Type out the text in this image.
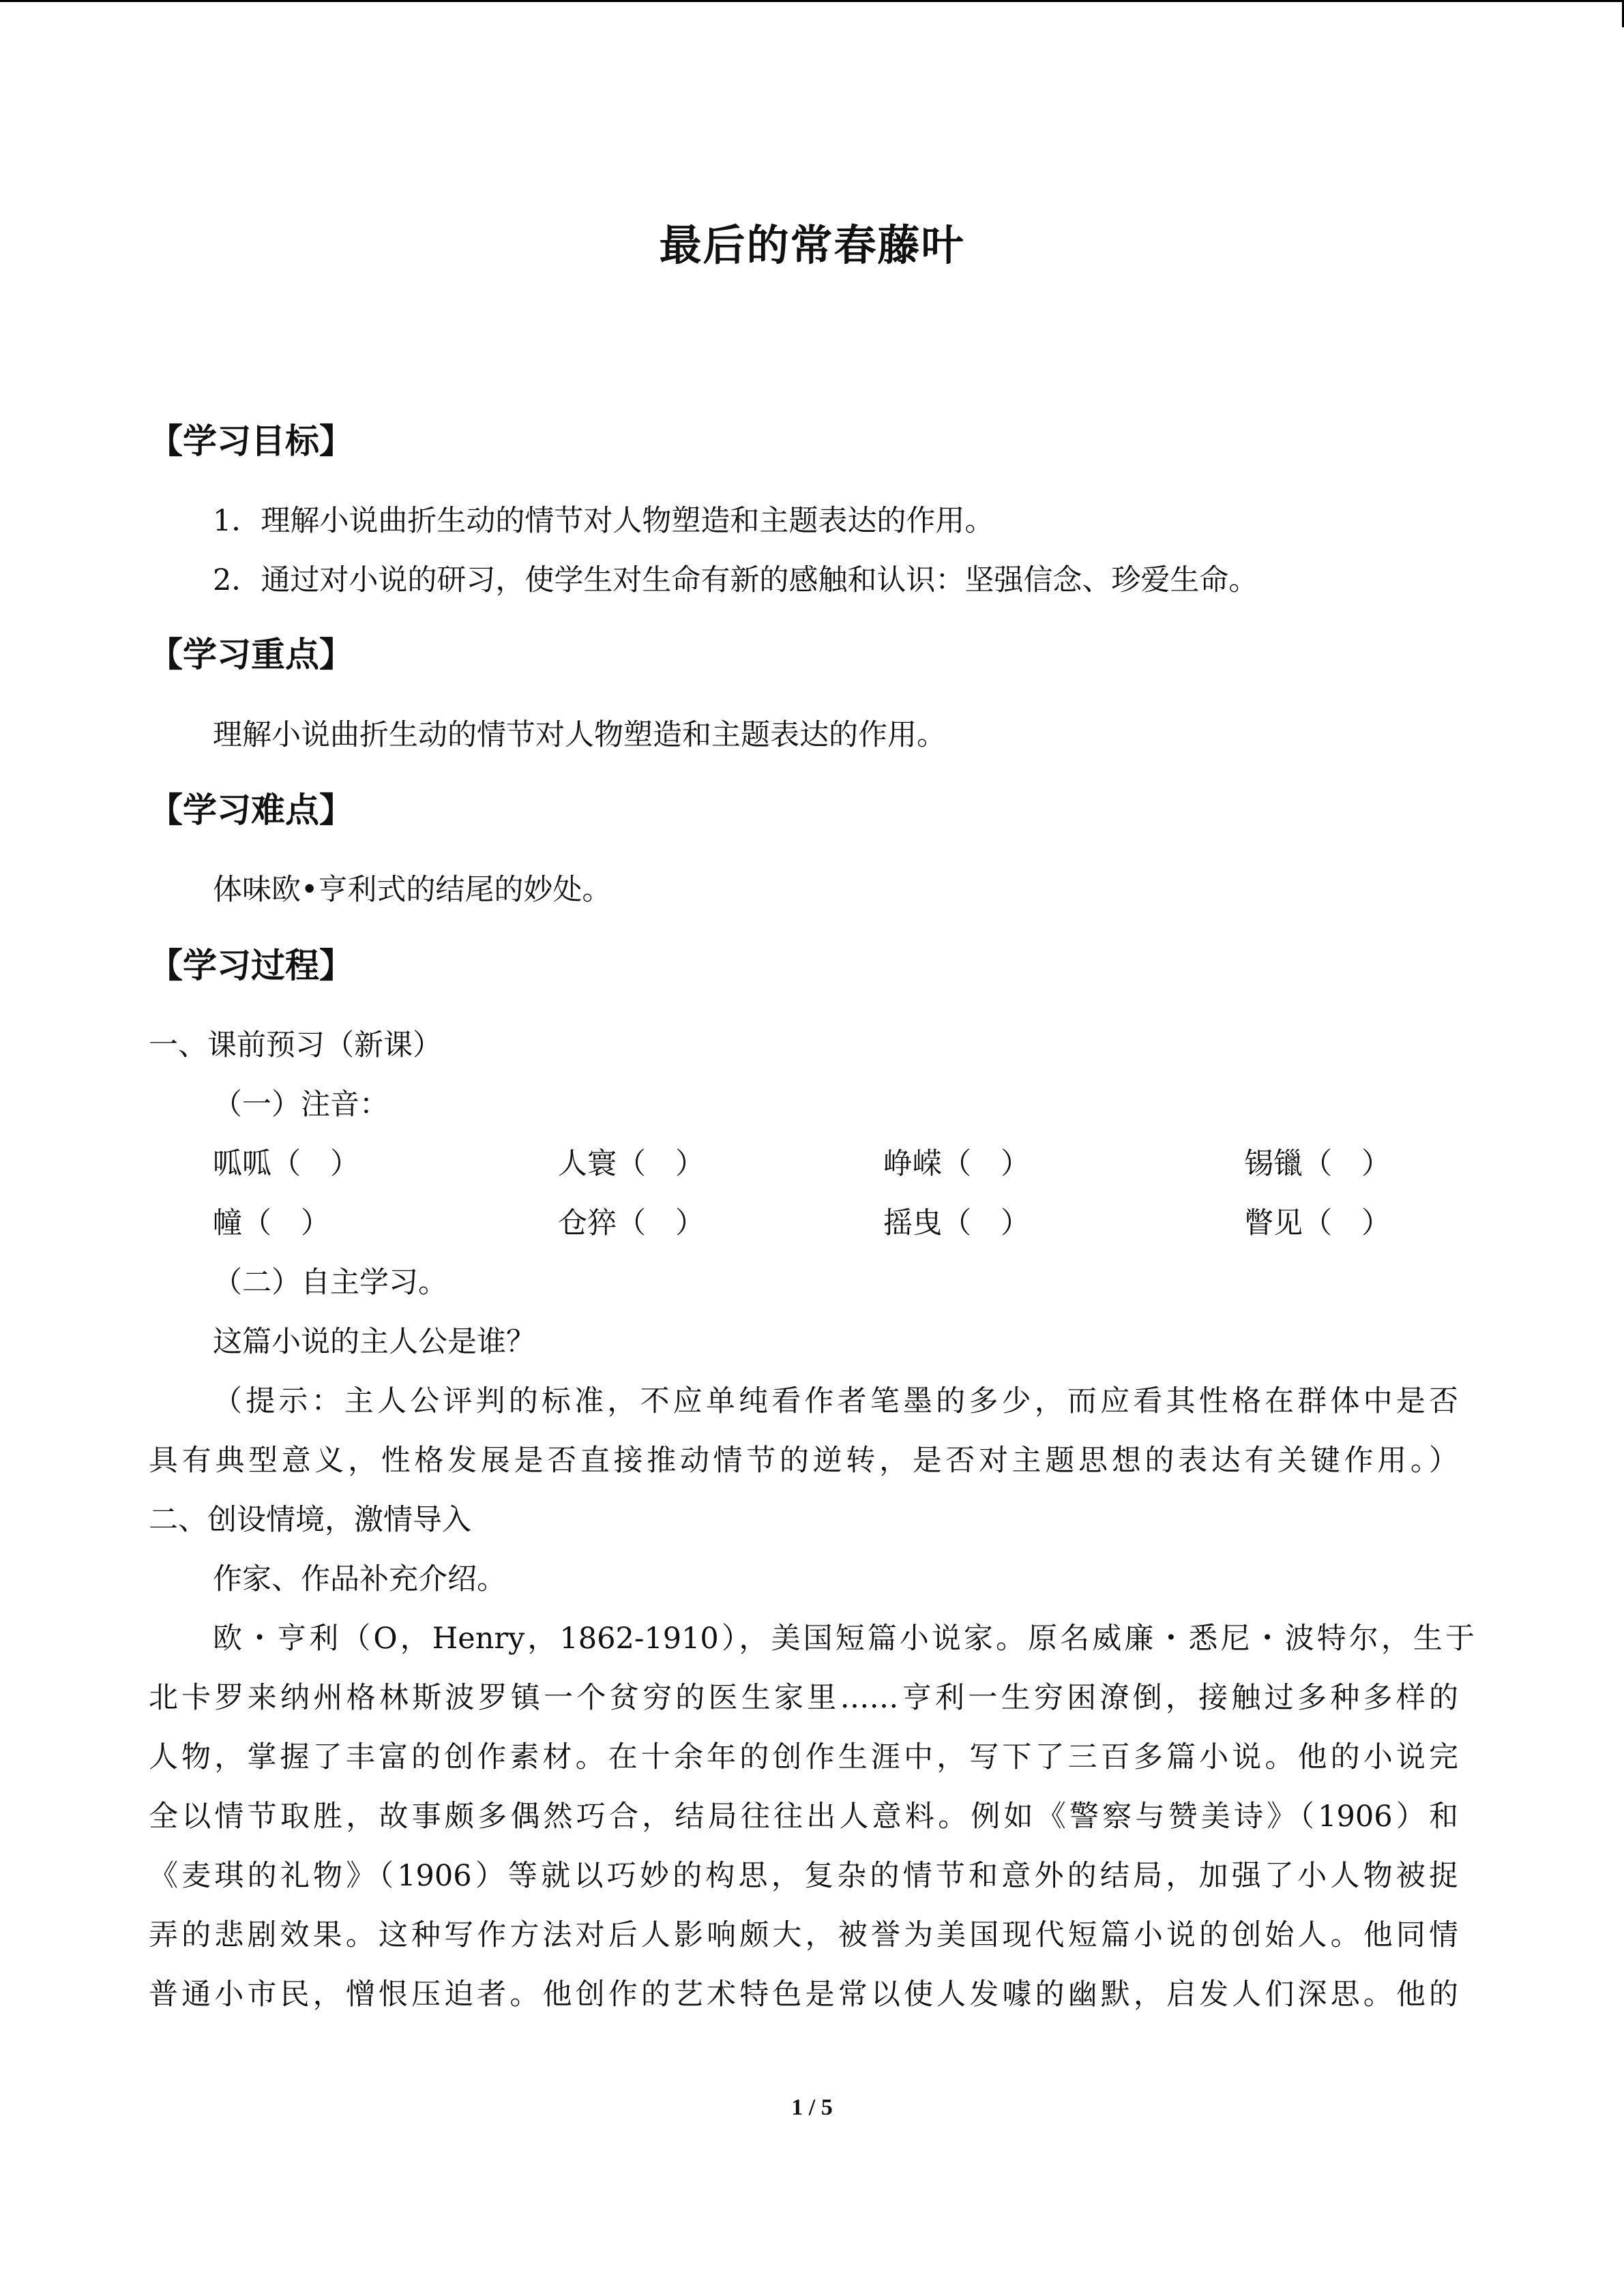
最后的常春藤叶
【学习目标】
1．理解小说曲折生动的情节对人物塑造和主题表达的作用。
2．通过对小说的研习，使学生对生命有新的感触和认识：坚强信念、珍爱生命。
【学习重点】
理解小说曲折生动的情节对人物塑造和主题表达的作用。
【学习难点】
体味欧•亨利式的结尾的妙处。
【学习过程】
一、课前预习（新课）
（一）注音：
呱呱（　）	人寰（　）	峥嵘（　）	锡镴（　）
幢（　）	仓猝（　）	摇曳（　）	瞥见（　）
（二）自主学习。
这篇小说的主人公是谁？
（提示：主人公评判的标准，不应单纯看作者笔墨的多少，而应看其性格在群体中是否
具有典型意义，性格发展是否直接推动情节的逆转，是否对主题思想的表达有关键作用。）
二、创设情境，激情导入
作家、作品补充介绍。
欧・亨利（O，Henry，1862-1910），美国短篇小说家。原名威廉・悉尼・波特尔，生于
北卡罗来纳州格林斯波罗镇一个贫穷的医生家里……亨利一生穷困潦倒，接触过多种多样的
人物，掌握了丰富的创作素材。在十余年的创作生涯中，写下了三百多篇小说。他的小说完
全以情节取胜，故事颇多偶然巧合，结局往往出人意料。例如《警察与赞美诗》（1906）和
《麦琪的礼物》（1906）等就以巧妙的构思，复杂的情节和意外的结局，加强了小人物被捉
弄的悲剧效果。这种写作方法对后人影响颇大，被誉为美国现代短篇小说的创始人。他同情
普通小市民，憎恨压迫者。他创作的艺术特色是常以使人发噱的幽默，启发人们深思。他的
1 / 5
